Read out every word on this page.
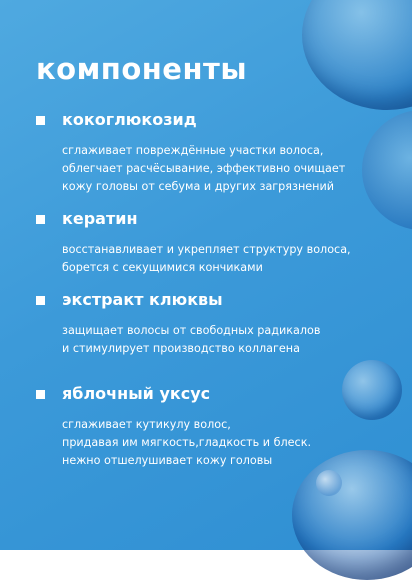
компоненты
кокоглюкозид
сглаживает повреждённые участки волоса,
облегчает расчёсывание, эффективно очищает
кожу головы от себума и других загрязнений
кератин
восстанавливает и укрепляет структуру волоса,
борется с секущимися кончиками
экстракт клюквы
защищает волосы от свободных радикалов
и стимулирует производство коллагена
яблочный уксус
сглаживает кутикулу волос,
придавая им мягкость,гладкость и блеск.
нежно отшелушивает кожу головы
